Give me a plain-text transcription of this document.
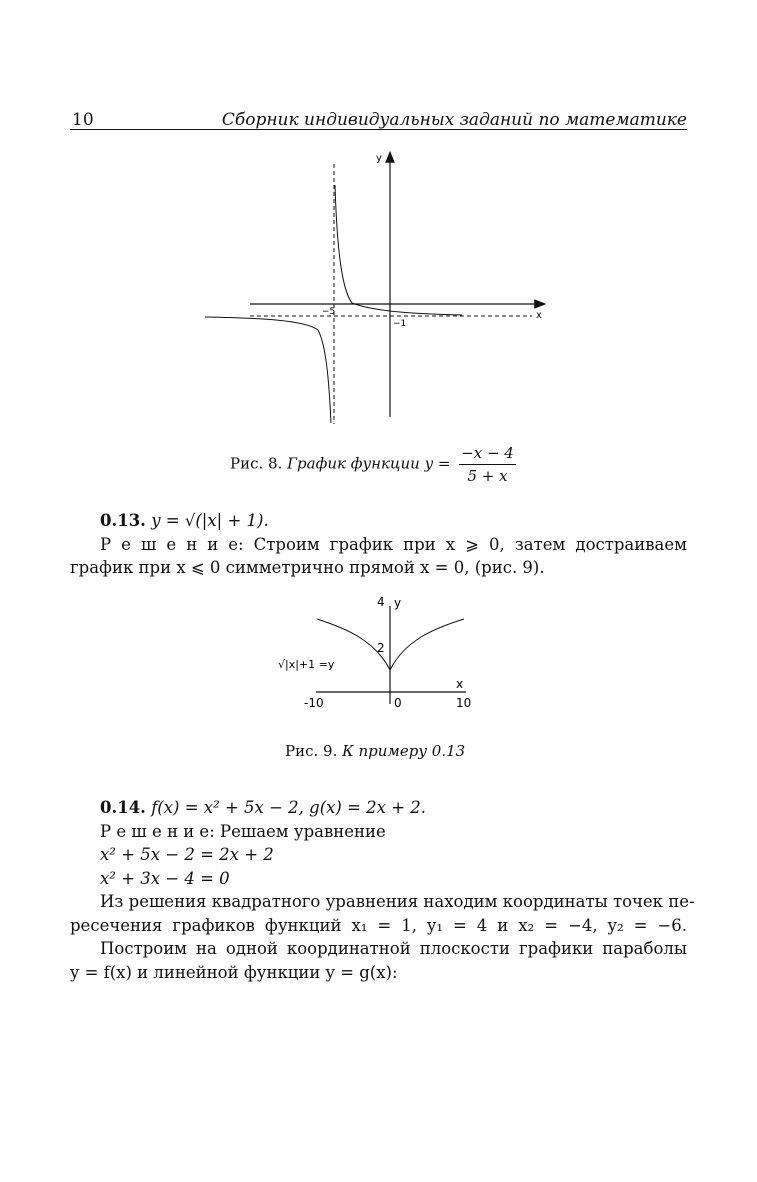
10	Сборник индивидуальных заданий по математике
y
x
−5
−1
Рис. 8. График функции $y = \frac{-x - 4}{5 + x}$
0.13. y = √(|x| + 1).
Р е ш е н и е: Строим график при x ⩾ 0, затем достраиваем
график при x ⩽ 0 симметрично прямой x = 0, (рис. 9).
4 y
2
x
-10	0	10
√|x|+1 =y
Рис. 9. К примеру 0.13
0.14. f(x) = x² + 5x − 2, g(x) = 2x + 2.
Р е ш е н и е: Решаем уравнение
x² + 5x − 2 = 2x + 2
x² + 3x − 4 = 0
Из решения квадратного уравнения находим координаты точек пе-
ресечения графиков функций x₁ = 1, y₁ = 4 и x₂ = −4, y₂ = −6.
Построим на одной координатной плоскости графики параболы
y = f(x) и линейной функции y = g(x):
